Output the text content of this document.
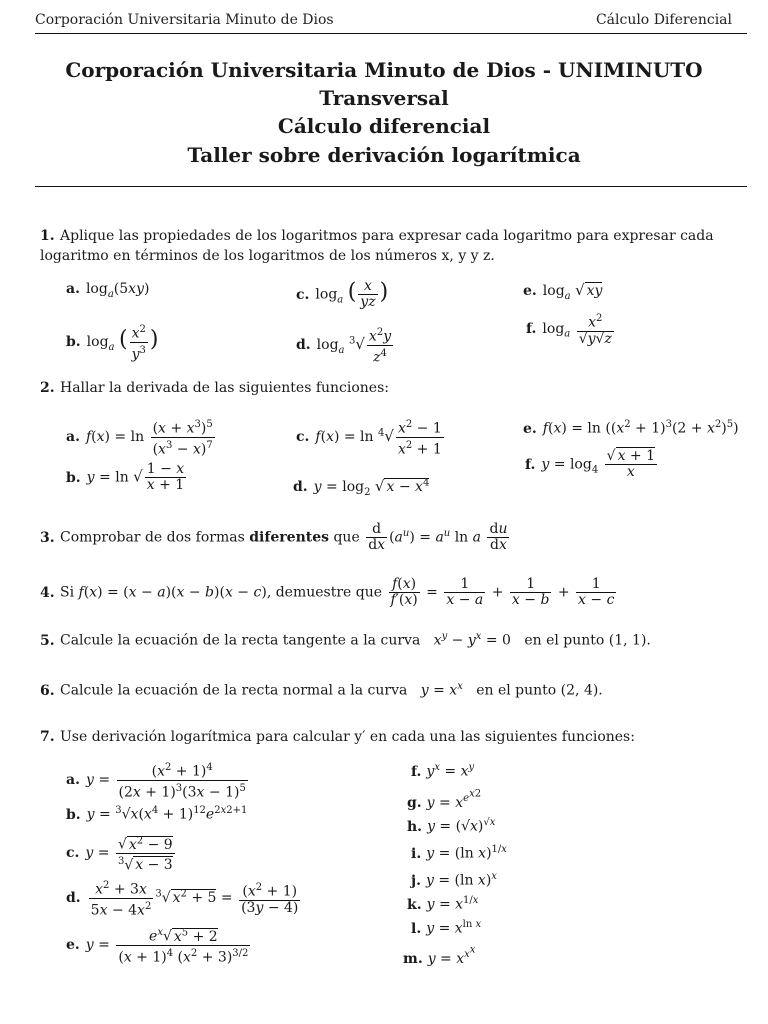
Corporación Universitaria Minuto de Dios	Cálculo Diferencial
Corporación Universitaria Minuto de Dios - UNIMINUTO
Transversal
Cálculo diferencial
Taller sobre derivación logarítmica
1. Aplique las propiedades de los logaritmos para expresar cada logaritmo para expresar cada logaritmo en términos de los logaritmos de los números x, y y z.
a. $\log_a(5xy)$	c. $\log_a$ ( $\frac{x}{yz}$ )	e. $\log_a$ √ xy
b. $\log_a$ ( $\frac{x^2}{y^3}$ )	d. $\log_a ^3√ \frac{x^2y}{z^4}$	f. $\log_a \frac{x^2}{√y√z}$
2. Hallar la derivada de las siguientes funciones:
a. $f(x) = \ln \frac{(x + x^3)^5}{(x^3 - x)^7}$	c. $f(x) = \ln ^4√ \frac{x^2 - 1}{x^2 + 1}$	e. $f(x) = \ln ((x^2 + 1)^3(2 + x^2)^5)$
b. y = ln √ $\frac{1 - x}{x + 1}$	d. $y = \log_2$ √ $x - x^4$
f. $y = \log_4 \frac{√ x + 1}{x}$
3. Comprobar de dos formas diferentes que $\frac{d}{dx} (a^u) = a^u$ ln a $\frac{du}{dx}$
4. Si f(x) = (x − a)(x − b)(x − c), demuestre que $\frac{f(x)}{f'(x)} = \frac{1}{x - a} + \frac{1}{x - b} + \frac{1}{x - c}$
5. Calcule la ecuación de la recta tangente a la curva $x^y - y^x = 0$   en el punto (1, 1).
6. Calcule la ecuación de la recta normal a la curva $y = x^x$ en el punto (2, 4).
7. Use derivación logarítmica para calcular y′ en cada una las siguientes funciones:
a. $y = \frac{(x^2 + 1)^4}{(2x + 1)^3(3x - 1)^5}$
b. $y = ^3√x(x^4 + 1)^{12}e^{2x2+1}$
c. $y = \frac{√ x^2 - 9}{^3√ x - 3}$
d. $\frac{x^2 + 3x}{5x - 4x^2} ^3√$ $x^2 + 5 = \frac{(x^2 + 1)}{(3y - 4)}$
e. $y = \frac{e^x√ x^5 + 2}{(x + 1)^4 (x^2 + 3)^{3/2}}$
f. $y^x = x^y$
g. $y = x^{e^{x2}}$
h. $y = (√x)^{√x}$
i. y = (ln x)$^{1/x}$
j. y = (ln x)$^x$
k. $y = x^{1/x}$
l. $y = x^{ln x}$
m. $y = x^{x^x}$
